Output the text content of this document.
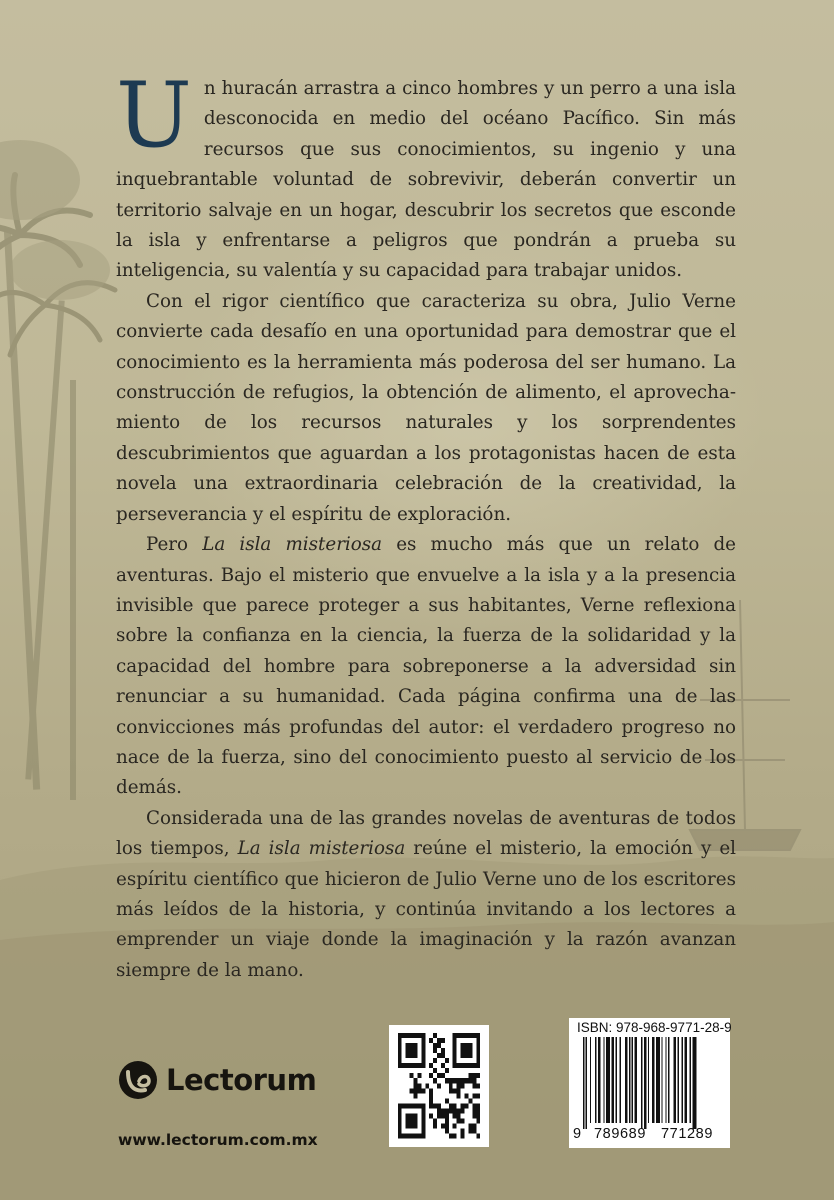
Un huracán arrastra a cinco hombres y un perro a una isla desconocida en medio del océano Pacífico. Sin más recursos que sus conocimientos, su ingenio y una inquebrantable voluntad de sobrevivir, deberán convertir un territorio salvaje en un hogar, descubrir los secretos que esconde la isla y enfrentarse a peligros que pondrán a prueba su inteligencia, su valentía y su capacidad para trabajar unidos.

Con el rigor científico que caracteriza su obra, Julio Verne convierte cada desafío en una oportunidad para demostrar que el conocimiento es la herramienta más poderosa del ser humano. La construcción de refugios, la obtención de alimento, el aprovechamiento de los recursos naturales y los sorprendentes descubrimientos que aguardan a los protagonistas hacen de esta novela una extraordinaria celebración de la creatividad, la perseverancia y el espíritu de exploración.

Pero La isla misteriosa es mucho más que un relato de aventuras. Bajo el misterio que envuelve a la isla y a la presencia invisible que parece proteger a sus habitantes, Verne reflexiona sobre la confianza en la ciencia, la fuerza de la solidaridad y la capacidad del hombre para sobreponerse a la adversidad sin renunciar a su humanidad. Cada página confirma una de las convicciones más profundas del autor: el verdadero progreso no nace de la fuerza, sino del conocimiento puesto al servicio de los demás.

Considerada una de las grandes novelas de aventuras de todos los tiempos, La isla misteriosa reúne el misterio, la emoción y el espíritu científico que hicieron de Julio Verne uno de los escritores más leídos de la historia, y continúa invitando a los lectores a emprender un viaje donde la imaginación y la razón avanzan siempre de la mano.

Lectorum
www.lectorum.com.mx
ISBN: 978-968-9771-28-9
9 789689 771289
